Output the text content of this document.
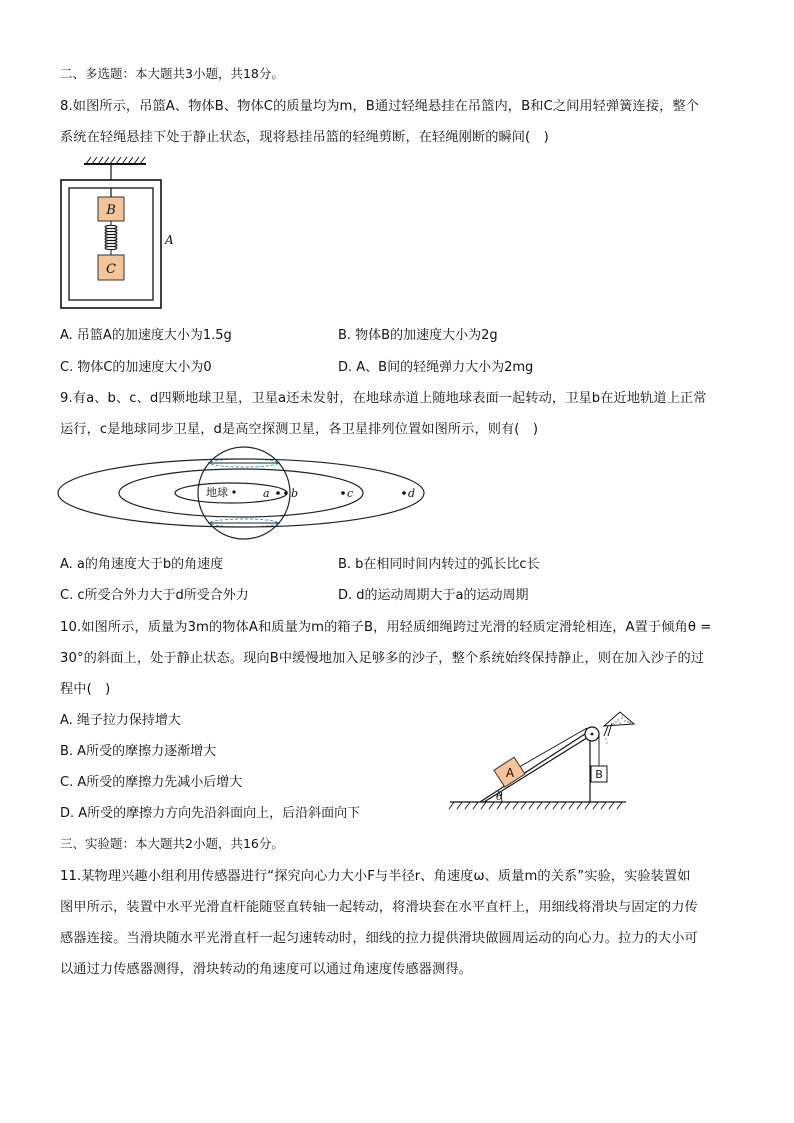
二、多选题：本大题共3小题，共18分。
8.如图所示，吊篮A、物体B、物体C的质量均为m，B通过轻绳悬挂在吊篮内，B和C之间用轻弹簧连接，整个
系统在轻绳悬挂下处于静止状态，现将悬挂吊篮的轻绳剪断，在轻绳刚断的瞬间(　)
B
C
A
A. 吊篮A的加速度大小为1.5g	B. 物体B的加速度大小为2g
C. 物体C的加速度大小为0	D. A、B间的轻绳弹力大小为2mg
9.有a、b、c、d四颗地球卫星，卫星a还未发射，在地球赤道上随地球表面一起转动，卫星b在近地轨道上正常
运行，c是地球同步卫星，d是高空探测卫星，各卫星排列位置如图所示，则有(　)
地球	a b	c	d
A. a的角速度大于b的角速度	B. b在相同时间内转过的弧长比c长
C. c所受合外力大于d所受合外力	D. d的运动周期大于a的运动周期
10.如图所示，质量为3m的物体A和质量为m的箱子B，用轻质细绳跨过光滑的轻质定滑轮相连，A置于倾角θ =
30°的斜面上，处于静止状态。现向B中缓慢地加入足够多的沙子，整个系统始终保持静止，则在加入沙子的过
程中(　)
A. 绳子拉力保持增大
B. A所受的摩擦力逐渐增大
C. A所受的摩擦力先减小后增大
D. A所受的摩擦力方向先沿斜面向上，后沿斜面向下
A	B
θ
三、实验题：本大题共2小题，共16分。
11.某物理兴趣小组利用传感器进行“探究向心力大小F与半径r、角速度ω、质量m的关系”实验，实验装置如
图甲所示，装置中水平光滑直杆能随竖直转轴一起转动，将滑块套在水平直杆上，用细线将滑块与固定的力传
感器连接。当滑块随水平光滑直杆一起匀速转动时，细线的拉力提供滑块做圆周运动的向心力。拉力的大小可
以通过力传感器测得，滑块转动的角速度可以通过角速度传感器测得。
